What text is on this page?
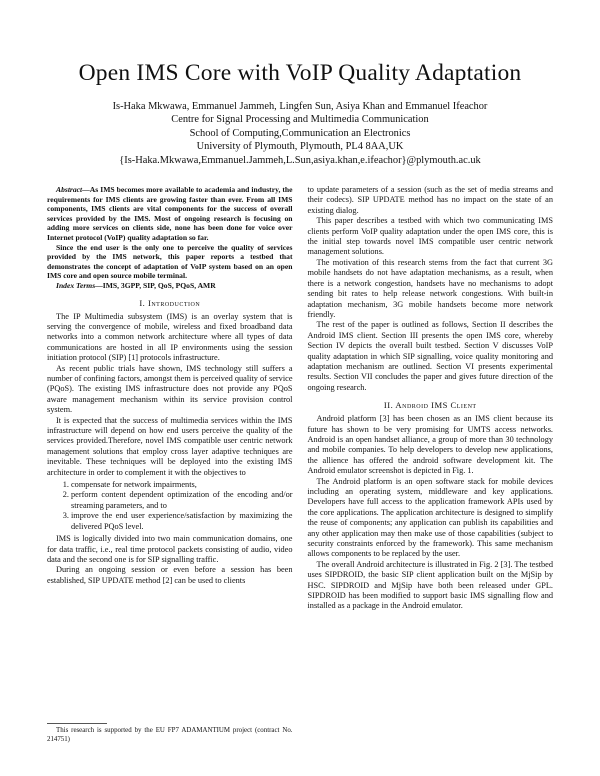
Open IMS Core with VoIP Quality Adaptation
Is-Haka Mkwawa, Emmanuel Jammeh, Lingfen Sun, Asiya Khan and Emmanuel Ifeachor
Centre for Signal Processing and Multimedia Communication
School of Computing,Communication an Electronics
University of Plymouth, Plymouth, PL4 8AA,UK
{Is-Haka.Mkwawa,Emmanuel.Jammeh,L.Sun,asiya.khan,e.ifeachor}@plymouth.ac.uk

Abstract—As IMS becomes more available to academia and industry, the requirements for IMS clients are growing faster than ever. From all IMS components, IMS clients are vital components for the success of overall services provided by the IMS. Most of ongoing research is focusing on adding more services on clients side, none has been done for voice over Internet protocol (VoIP) quality adaptation so far.

Since the end user is the only one to perceive the quality of services provided by the IMS network, this paper reports a testbed that demonstrates the concept of adaptation of VoIP system based on an open IMS core and open source mobile terminal.

Index Terms—IMS, 3GPP, SIP, QoS, PQoS, AMR

I. Introduction

The IP Multimedia subsystem (IMS) is an overlay system that is serving the convergence of mobile, wireless and fixed broadband data networks into a common network architecture where all types of data communications are hosted in all IP environments using the session initiation protocol (SIP) [1] protocols infrastructure.

As recent public trials have shown, IMS technology still suffers a number of confining factors, amongst them is perceived quality of service (PQoS). The existing IMS infrastructure does not provide any PQoS aware management mechanism within its service provision control system.

It is expected that the success of multimedia services within the IMS infrastructure will depend on how end users perceive the quality of the services provided.Therefore, novel IMS compatible user centric network management solutions that employ cross layer adaptive techniques are inevitable. These techniques will be deployed into the existing IMS architecture in order to complement it with the objectives to

1. compensate for network impairments,
2. perform content dependent optimization of the encoding and/or streaming parameters, and to
3. improve the end user experience/satisfaction by maximizing the delivered PQoS level.

IMS is logically divided into two main communication domains, one for data traffic, i.e., real time protocol packets consisting of audio, video data and the second one is for SIP signalling traffic.

During an ongoing session or even before a session has been established, SIP UPDATE method [2] can be used to clients

This research is supported by the EU FP7 ADAMANTIUM project (contract No. 214751)

to update parameters of a session (such as the set of media streams and their codecs). SIP UPDATE method has no impact on the state of an existing dialog.

This paper describes a testbed with which two communicating IMS clients perform VoIP quality adaptation under the open IMS core, this is the initial step towards novel IMS compatible user centric network management solutions.

The motivation of this research stems from the fact that current 3G mobile handsets do not have adaptation mechanisms, as a result, when there is a network congestion, handsets have no mechanisms to adopt sending bit rates to help release network congestions. With built-in adaptation mechanism, 3G mobile handsets become more network friendly.

The rest of the paper is outlined as follows, Section II describes the Android IMS client. Section III presents the open IMS core, whereby Section IV depicts the overall built testbed. Section V discusses VoIP quality adaptation in which SIP signalling, voice quality monitoring and adaptation mechanism are outlined. Section VI presents experimental results. Section VII concludes the paper and gives future direction of the ongoing research.

II. Android IMS Client

Android platform [3] has been chosen as an IMS client because its future has shown to be very promising for UMTS access networks. Android is an open handset alliance, a group of more than 30 technology and mobile companies. To help developers to develop new applications, the allience has offered the android software development kit. The Android emulator screenshot is depicted in Fig. 1.

The Android platform is an open software stack for mobile devices including an operating system, middleware and key applications. Developers have full access to the application framework APIs used by the core applications. The application architecture is designed to simplify the reuse of components; any application can publish its capabilities and any other application may then make use of those capabilities (subject to security constraints enforced by the framework). This same mechanism allows components to be replaced by the user.

The overall Android architecture is illustrated in Fig. 2 [3]. The testbed uses SIPDROID, the basic SIP client application built on the MjSip by HSC. SIPDROID and MjSip have both been released under GPL. SIPDROID has been modified to support basic IMS signalling flow and installed as a package in the Android emulator.
